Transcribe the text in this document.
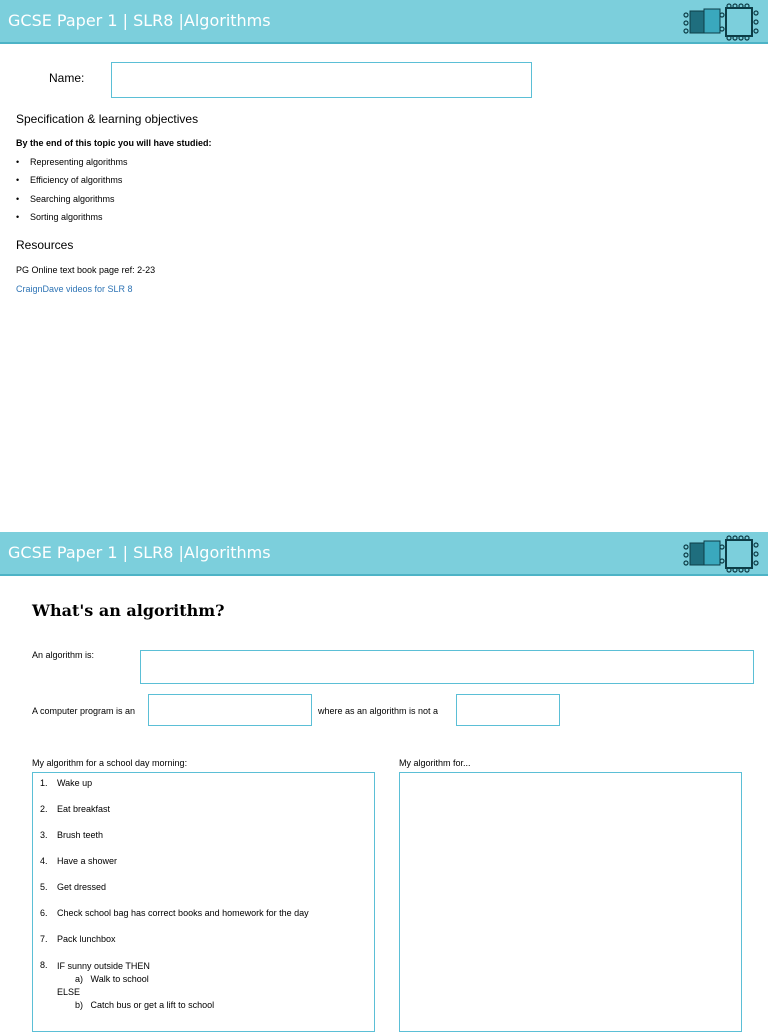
GCSE Paper 1 | SLR8 |Algorithms
Name:
Specification & learning objectives
By the end of this topic you will have studied:
• Representing algorithms
• Efficiency of algorithms
• Searching algorithms
• Sorting algorithms
Resources
PG Online text book page ref: 2-23
CraignDave videos for SLR 8
GCSE Paper 1 | SLR8 |Algorithms
What's an algorithm?
An algorithm is:
A computer program is an	where as an algorithm is not a
My algorithm for a school day morning:	My algorithm for...
1. Wake up
2. Eat breakfast
3. Brush teeth
4. Have a shower
5. Get dressed
6. Check school bag has correct books and homework for the day
7. Pack lunchbox
8. IF sunny outside THEN
a) Walk to school
ELSE
b) Catch bus or get a lift to school
